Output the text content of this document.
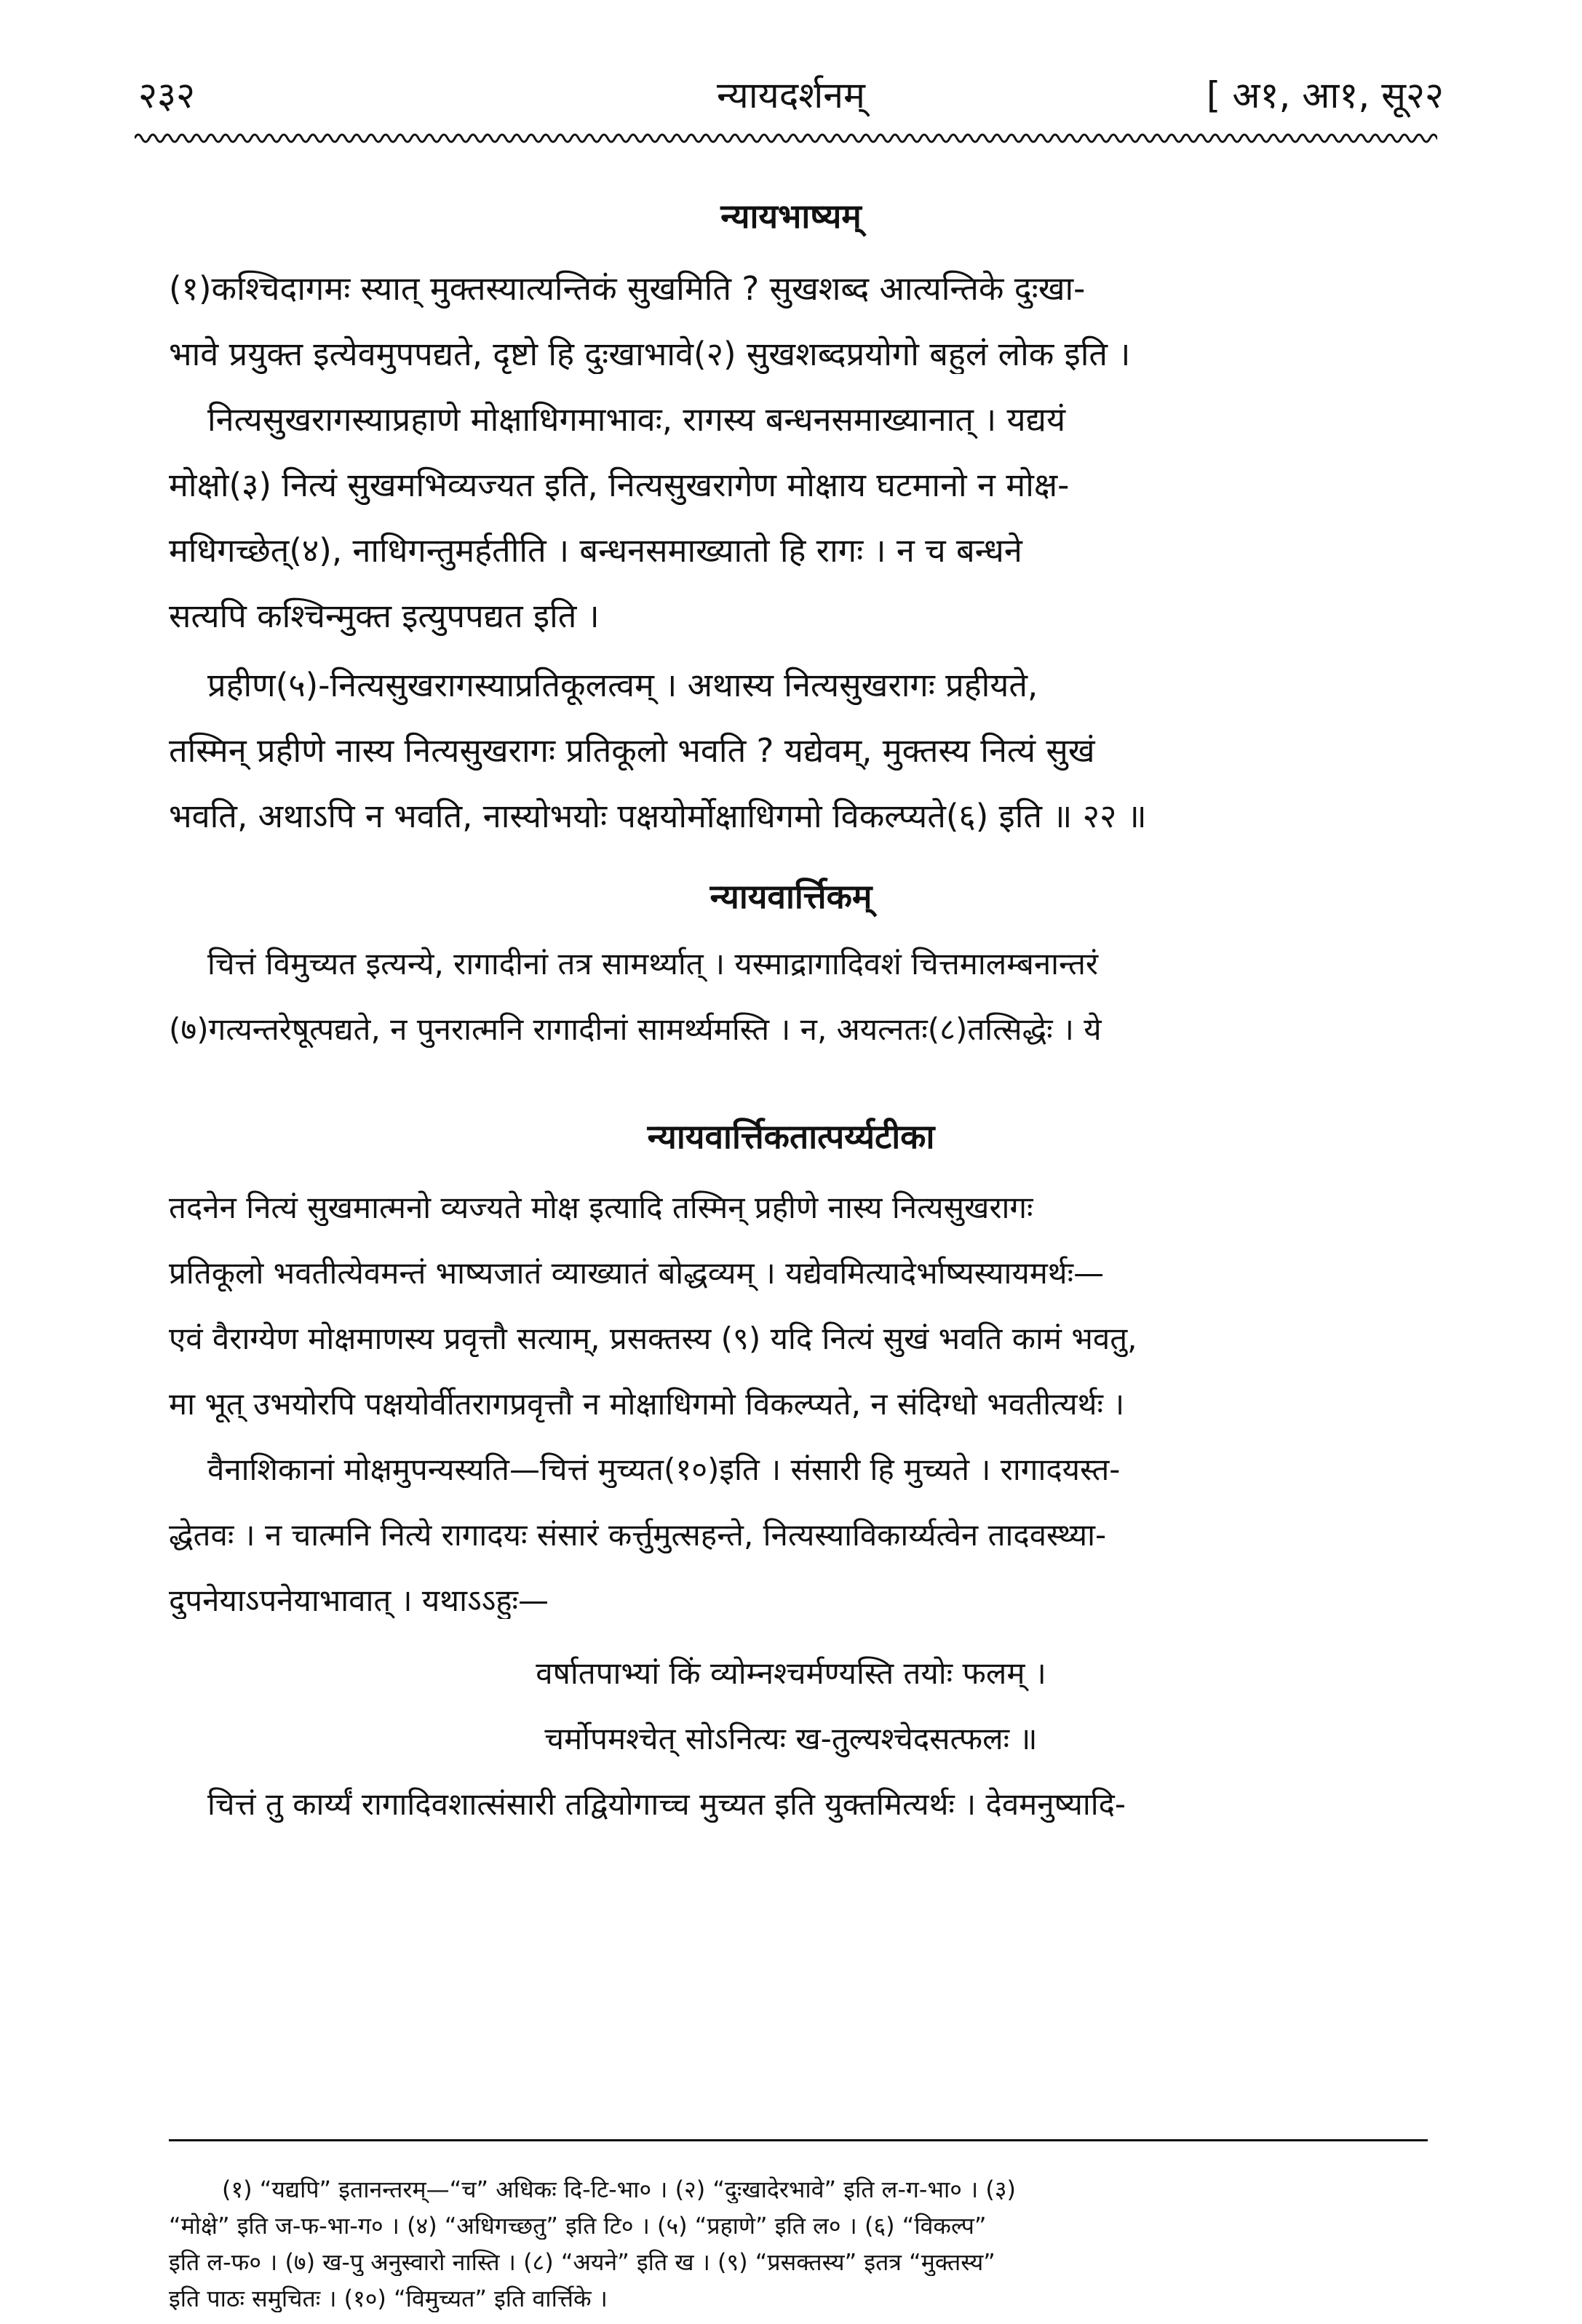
२३२	न्यायदर्शनम्	[ अ१, आ१, सू२२
न्यायभाष्यम्
(१)कश्चिदागमः स्यात् मुक्तस्यात्यन्तिकं सुखमिति ? सुखशब्द आत्यन्तिके दुःखा-
भावे प्रयुक्त इत्येवमुपपद्यते, दृष्टो हि दुःखाभावे(२) सुखशब्दप्रयोगो बहुलं लोक इति ।
नित्यसुखरागस्याप्रहाणे मोक्षाधिगमाभावः, रागस्य बन्धनसमाख्यानात् । यद्ययं
मोक्षो(३) नित्यं सुखमभिव्यज्यत इति, नित्यसुखरागेण मोक्षाय घटमानो न मोक्ष-
मधिगच्छेत्(४), नाधिगन्तुमर्हतीति । बन्धनसमाख्यातो हि रागः । न च बन्धने
सत्यपि कश्चिन्मुक्त इत्युपपद्यत इति ।
प्रहीण(५)-नित्यसुखरागस्याप्रतिकूलत्वम् । अथास्य नित्यसुखरागः प्रहीयते,
तस्मिन् प्रहीणे नास्य नित्यसुखरागः प्रतिकूलो भवति ? यद्येवम्, मुक्तस्य नित्यं सुखं
भवति, अथाऽपि न भवति, नास्योभयोः पक्षयोर्मोक्षाधिगमो विकल्प्यते(६) इति ॥ २२ ॥
न्यायवार्त्तिकम्
चित्तं विमुच्यत इत्यन्ये, रागादीनां तत्र सामर्थ्यात् । यस्माद्रागादिवशं चित्तमालम्बनान्तरं
(७)गत्यन्तरेषूत्पद्यते, न पुनरात्मनि रागादीनां सामर्थ्यमस्ति । न, अयत्नतः(८)तत्सिद्धेः । ये
न्यायवार्त्तिकतात्पर्य्यटीका
तदनेन नित्यं सुखमात्मनो व्यज्यते मोक्ष इत्यादि तस्मिन् प्रहीणे नास्य नित्यसुखरागः
प्रतिकूलो भवतीत्येवमन्तं भाष्यजातं व्याख्यातं बोद्धव्यम् । यद्येवमित्यादेर्भाष्यस्यायमर्थः—
एवं वैराग्येण मोक्षमाणस्य प्रवृत्तौ सत्याम्, प्रसक्तस्य (९) यदि नित्यं सुखं भवति कामं भवतु,
मा भूत् उभयोरपि पक्षयोर्वीतरागप्रवृत्तौ न मोक्षाधिगमो विकल्प्यते, न संदिग्धो भवतीत्यर्थः ।
वैनाशिकानां मोक्षमुपन्यस्यति—चित्तं मुच्यत(१०)इति । संसारी हि मुच्यते । रागादयस्त-
द्धेतवः । न चात्मनि नित्ये रागादयः संसारं कर्त्तुमुत्सहन्ते, नित्यस्याविकार्य्यत्वेन तादवस्थ्या-
दुपनेयाऽपनेयाभावात् । यथाऽऽहुः—
वर्षातपाभ्यां किं व्योम्नश्चर्मण्यस्ति तयोः फलम् ।
चर्मोपमश्चेत् सोऽनित्यः ख-तुल्यश्चेदसत्फलः ॥
चित्तं तु कार्य्यं रागादिवशात्संसारी तद्वियोगाच्च मुच्यत इति युक्तमित्यर्थः । देवमनुष्यादि-
(१) “यद्यपि” इतानन्तरम्—“च” अधिकः दि-टि-भा० । (२) “दुःखादेरभावे” इति ल-ग-भा० । (३)
“मोक्षे” इति ज-फ-भा-ग० । (४) “अधिगच्छतु” इति टि० । (५) “प्रहाणे” इति ल० । (६) “विकल्प”
इति ल-फ० । (७) ख-पु अनुस्वारो नास्ति । (८) “अयने” इति ख । (९) “प्रसक्तस्य” इतत्र “मुक्तस्य”
इति पाठः समुचितः । (१०) “विमुच्यत” इति वार्त्तिके ।
